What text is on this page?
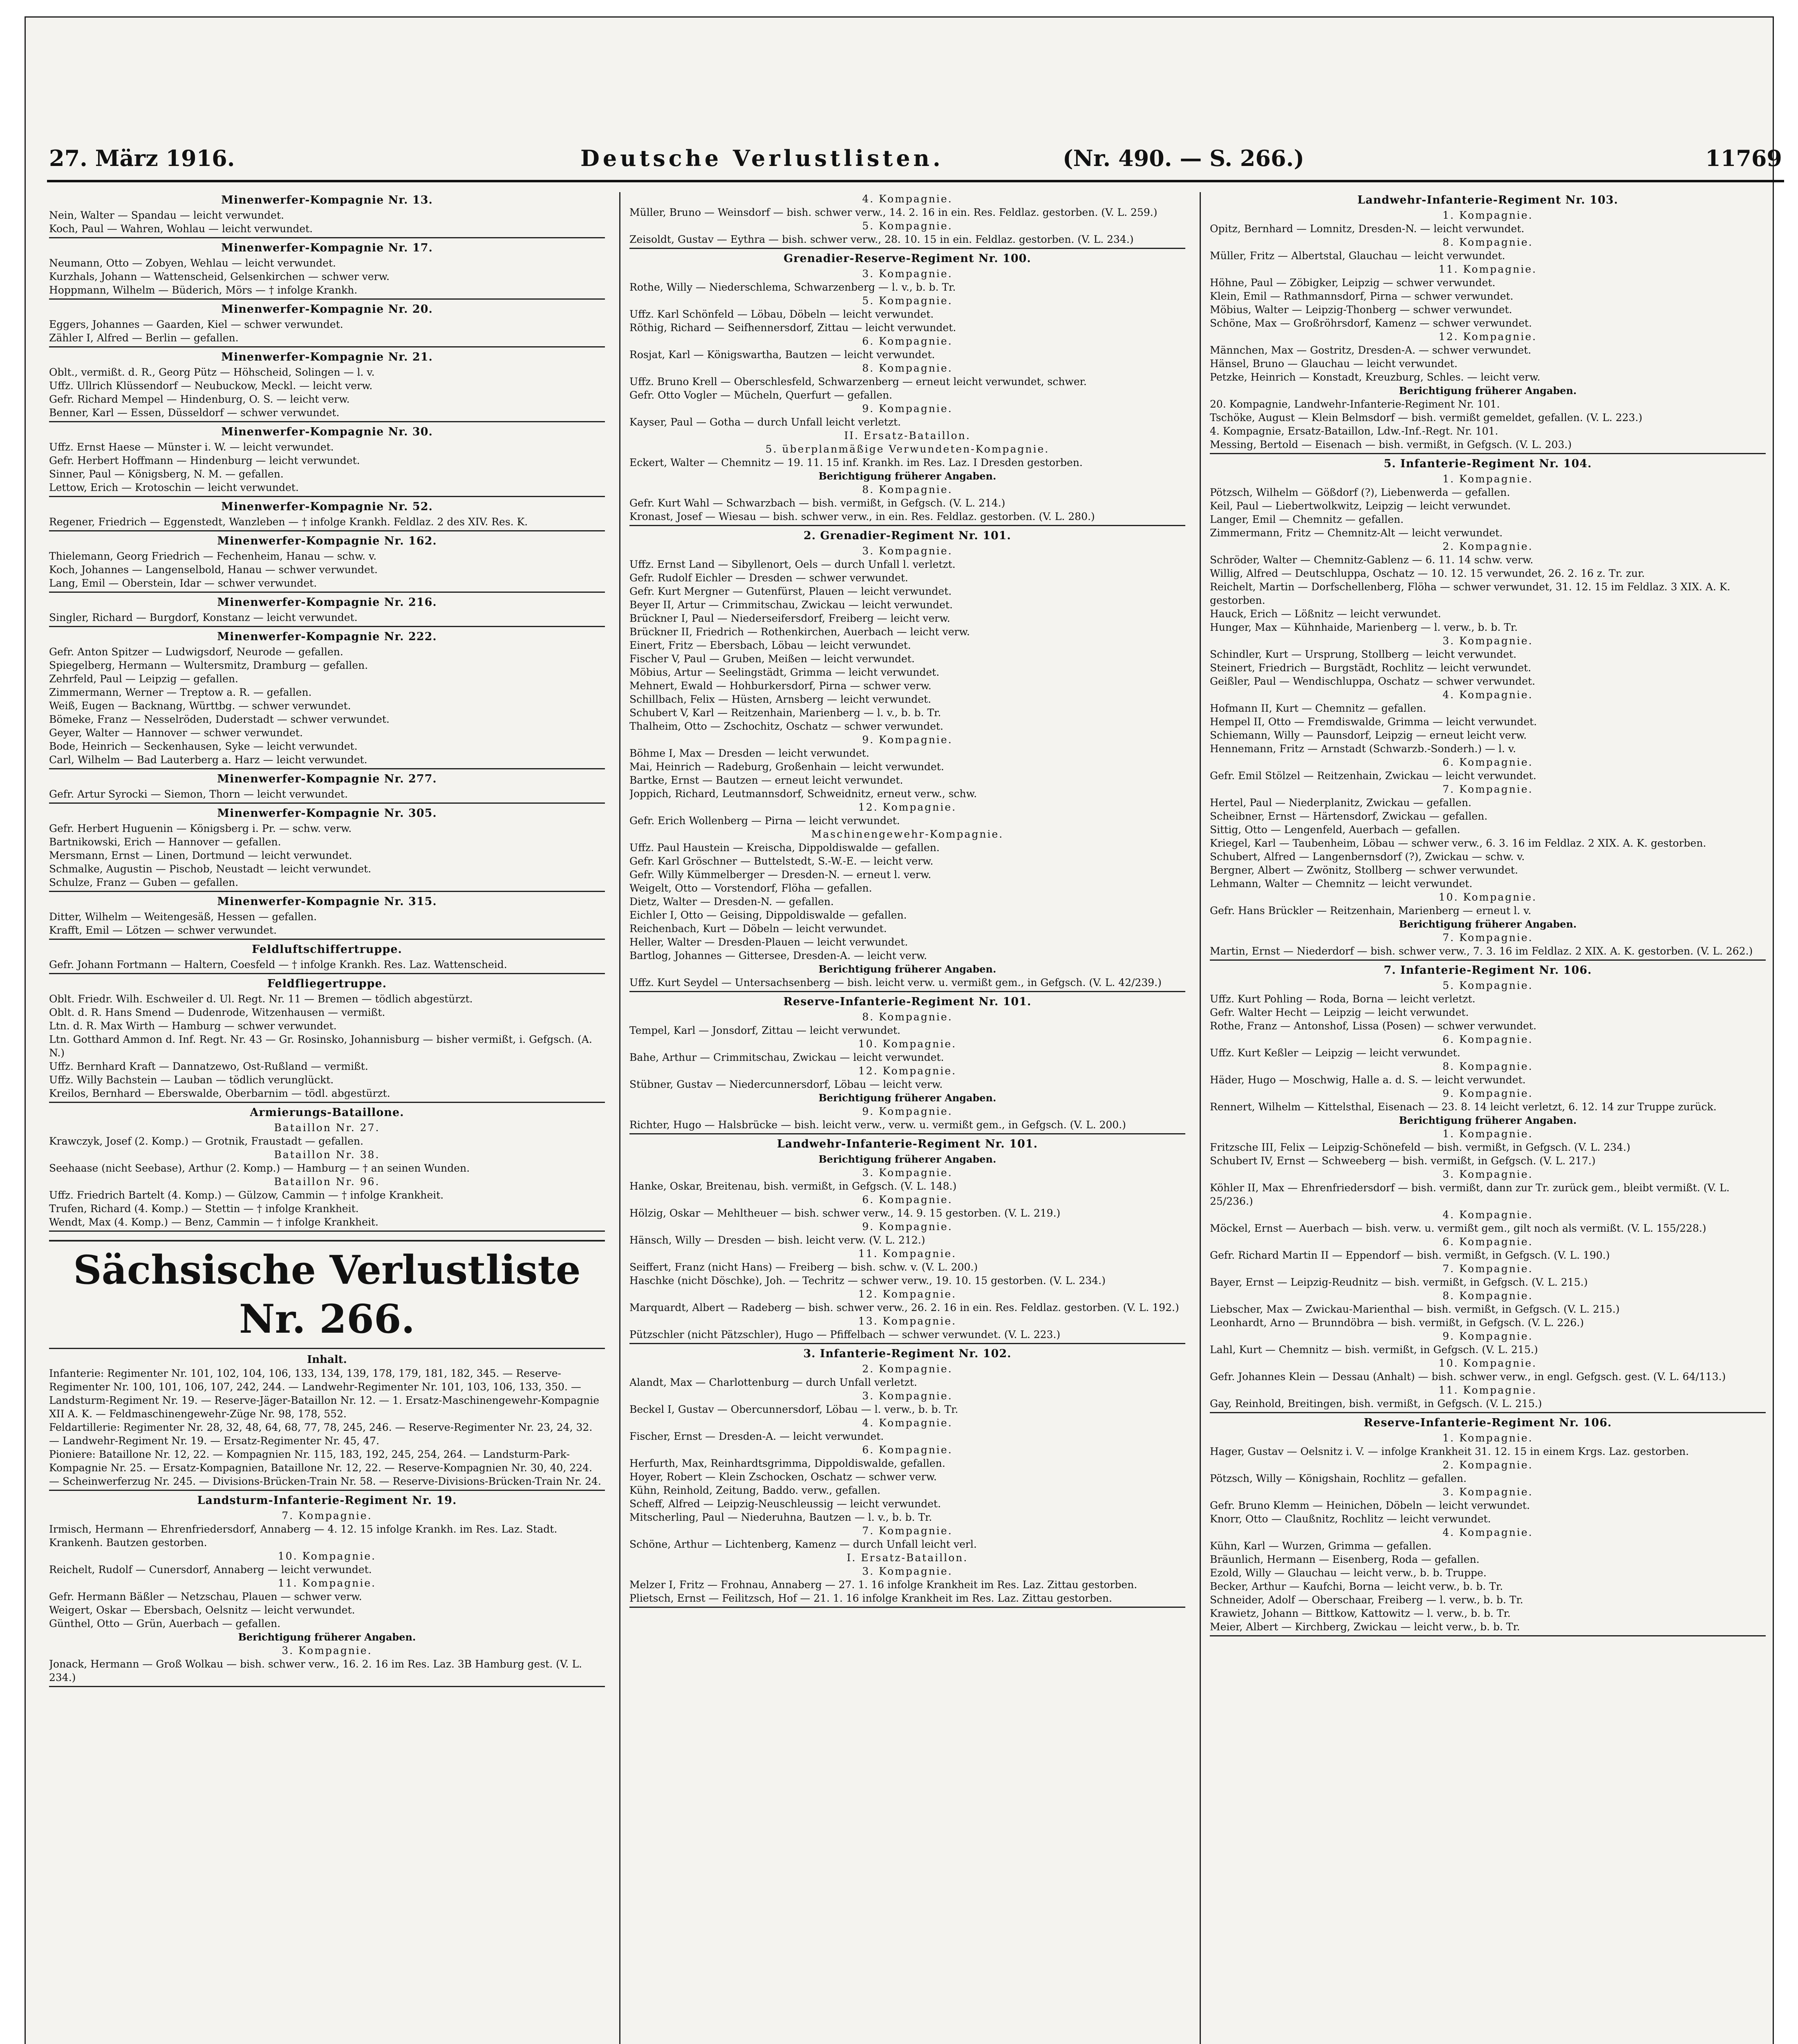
27. März 1916.	Deutsche Verlustlisten.	(Nr. 490. — S. 266.)	11769
Minenwerfer-Kompagnie Nr. 13.
Nein, Walter — Spandau — leicht verwundet.
Koch, Paul — Wahren, Wohlau — leicht verwundet.
Minenwerfer-Kompagnie Nr. 17.
Neumann, Otto — Zobyen, Wehlau — leicht verwundet.
Kurzhals, Johann — Wattenscheid, Gelsenkirchen — schwer verw.
Hoppmann, Wilhelm — Büderich, Mörs — † infolge Krankh.
Minenwerfer-Kompagnie Nr. 20.
Eggers, Johannes — Gaarden, Kiel — schwer verwundet.
Zähler I, Alfred — Berlin — gefallen.
Minenwerfer-Kompagnie Nr. 21.
Oblt., vermißt. d. R., Georg Pütz — Höhscheid, Solingen — l. v.
Uffz. Ullrich Klüssendorf — Neubuckow, Meckl. — leicht verw.
Gefr. Richard Mempel — Hindenburg, O. S. — leicht verw.
Benner, Karl — Essen, Düsseldorf — schwer verwundet.
Minenwerfer-Kompagnie Nr. 30.
Uffz. Ernst Haese — Münster i. W. — leicht verwundet.
Gefr. Herbert Hoffmann — Hindenburg — leicht verwundet.
Sinner, Paul — Königsberg, N. M. — gefallen.
Lettow, Erich — Krotoschin — leicht verwundet.
Minenwerfer-Kompagnie Nr. 52.
Regener, Friedrich — Eggenstedt, Wanzleben — † infolge Krankh. Feldlaz. 2 des XIV. Res. K.
Minenwerfer-Kompagnie Nr. 162.
Thielemann, Georg Friedrich — Fechenheim, Hanau — schw. v.
Koch, Johannes — Langenselbold, Hanau — schwer verwundet.
Lang, Emil — Oberstein, Idar — schwer verwundet.
Minenwerfer-Kompagnie Nr. 216.
Singler, Richard — Burgdorf, Konstanz — leicht verwundet.
Minenwerfer-Kompagnie Nr. 222.
Gefr. Anton Spitzer — Ludwigsdorf, Neurode — gefallen.
Spiegelberg, Hermann — Wultersmitz, Dramburg — gefallen.
Zehrfeld, Paul — Leipzig — gefallen.
Zimmermann, Werner — Treptow a. R. — gefallen.
Weiß, Eugen — Backnang, Württbg. — schwer verwundet.
Bömeke, Franz — Nesselröden, Duderstadt — schwer verwundet.
Geyer, Walter — Hannover — schwer verwundet.
Bode, Heinrich — Seckenhausen, Syke — leicht verwundet.
Carl, Wilhelm — Bad Lauterberg a. Harz — leicht verwundet.
Minenwerfer-Kompagnie Nr. 277.
Gefr. Artur Syrocki — Siemon, Thorn — leicht verwundet.
Minenwerfer-Kompagnie Nr. 305.
Gefr. Herbert Huguenin — Königsberg i. Pr. — schw. verw.
Bartnikowski, Erich — Hannover — gefallen.
Mersmann, Ernst — Linen, Dortmund — leicht verwundet.
Schmalke, Augustin — Pischob, Neustadt — leicht verwundet.
Schulze, Franz — Guben — gefallen.
Minenwerfer-Kompagnie Nr. 315.
Ditter, Wilhelm — Weitengesäß, Hessen — gefallen.
Krafft, Emil — Lötzen — schwer verwundet.
Feldluftschiffertruppe.
Gefr. Johann Fortmann — Haltern, Coesfeld — † infolge Krankh. Res. Laz. Wattenscheid.
Feldfliegertruppe.
Oblt. Friedr. Wilh. Eschweiler d. Ul. Regt. Nr. 11 — Bremen — tödlich abgestürzt.
Oblt. d. R. Hans Smend — Dudenrode, Witzenhausen — vermißt.
Ltn. d. R. Max Wirth — Hamburg — schwer verwundet.
Ltn. Gotthard Ammon d. Inf. Regt. Nr. 43 — Gr. Rosinsko, Johannisburg — bisher vermißt, i. Gefgsch. (A. N.)
Uffz. Bernhard Kraft — Dannatzewo, Ost-Rußland — vermißt.
Uffz. Willy Bachstein — Lauban — tödlich verunglückt.
Kreilos, Bernhard — Eberswalde, Oberbarnim — tödl. abgestürzt.
Armierungs-Bataillone.
Bataillon Nr. 27.
Krawczyk, Josef (2. Komp.) — Grotnik, Fraustadt — gefallen.
Bataillon Nr. 38.
Seehaase (nicht Seebase), Arthur (2. Komp.) — Hamburg — † an seinen Wunden.
Bataillon Nr. 96.
Uffz. Friedrich Bartelt (4. Komp.) — Gülzow, Cammin — † infolge Krankheit.
Trufen, Richard (4. Komp.) — Stettin — † infolge Krankheit.
Wendt, Max (4. Komp.) — Benz, Cammin — † infolge Krankheit.
Sächsische Verlustliste Nr. 266.
Inhalt.
Infanterie: Regimenter Nr. 101, 102, 104, 106, 133, 134, 139, 178, 179, 181, 182, 345. — Reserve-Regimenter Nr. 100, 101, 106, 107, 242, 244. — Landwehr-Regimenter Nr. 101, 103, 106, 133, 350. — Landsturm-Regiment Nr. 19. — Reserve-Jäger-Bataillon Nr. 12. — 1. Ersatz-Maschinengewehr-Kompagnie XII A. K. — Feldmaschinengewehr-Züge Nr. 98, 178, 552.
Feldartillerie: Regimenter Nr. 28, 32, 48, 64, 68, 77, 78, 245, 246. — Reserve-Regimenter Nr. 23, 24, 32. — Landwehr-Regiment Nr. 19. — Ersatz-Regimenter Nr. 45, 47.
Pioniere: Bataillone Nr. 12, 22. — Kompagnien Nr. 115, 183, 192, 245, 254, 264. — Landsturm-Park-Kompagnie Nr. 25. — Ersatz-Kompagnien, Bataillone Nr. 12, 22. — Reserve-Kompagnien Nr. 30, 40, 224. — Scheinwerferzug Nr. 245. — Divisions-Brücken-Train Nr. 58. — Reserve-Divisions-Brücken-Train Nr. 24.
Landsturm-Infanterie-Regiment Nr. 19.
7. Kompagnie.
Irmisch, Hermann — Ehrenfriedersdorf, Annaberg — 4. 12. 15 infolge Krankh. im Res. Laz. Stadt. Krankenh. Bautzen gestorben.
10. Kompagnie.
Reichelt, Rudolf — Cunersdorf, Annaberg — leicht verwundet.
11. Kompagnie.
Gefr. Hermann Bäßler — Netzschau, Plauen — schwer verw.
Weigert, Oskar — Ebersbach, Oelsnitz — leicht verwundet.
Günthel, Otto — Grün, Auerbach — gefallen.
Berichtigung früherer Angaben.
3. Kompagnie.
Jonack, Hermann — Groß Wolkau — bish. schwer verw., 16. 2. 16 im Res. Laz. 3B Hamburg gest. (V. L. 234.)
4. Kompagnie.
Müller, Bruno — Weinsdorf — bish. schwer verw., 14. 2. 16 in ein. Res. Feldlaz. gestorben. (V. L. 259.)
5. Kompagnie.
Zeisoldt, Gustav — Eythra — bish. schwer verw., 28. 10. 15 in ein. Feldlaz. gestorben. (V. L. 234.)
Grenadier-Reserve-Regiment Nr. 100.
3. Kompagnie.
Rothe, Willy — Niederschlema, Schwarzenberg — l. v., b. b. Tr.
5. Kompagnie.
Uffz. Karl Schönfeld — Löbau, Döbeln — leicht verwundet.
Röthig, Richard — Seifhennersdorf, Zittau — leicht verwundet.
6. Kompagnie.
Rosjat, Karl — Königswartha, Bautzen — leicht verwundet.
8. Kompagnie.
Uffz. Bruno Krell — Oberschlesfeld, Schwarzenberg — erneut leicht verwundet, schwer.
Gefr. Otto Vogler — Mücheln, Querfurt — gefallen.
9. Kompagnie.
Kayser, Paul — Gotha — durch Unfall leicht verletzt.
II. Ersatz-Bataillon.
5. überplanmäßige Verwundeten-Kompagnie.
Eckert, Walter — Chemnitz — 19. 11. 15 inf. Krankh. im Res. Laz. I Dresden gestorben.
Berichtigung früherer Angaben.
8. Kompagnie.
Gefr. Kurt Wahl — Schwarzbach — bish. vermißt, in Gefgsch. (V. L. 214.)
Kronast, Josef — Wiesau — bish. schwer verw., in ein. Res. Feldlaz. gestorben. (V. L. 280.)
2. Grenadier-Regiment Nr. 101.
3. Kompagnie.
Uffz. Ernst Land — Sibyllenort, Oels — durch Unfall l. verletzt.
Gefr. Rudolf Eichler — Dresden — schwer verwundet.
Gefr. Kurt Mergner — Gutenfürst, Plauen — leicht verwundet.
Beyer II, Artur — Crimmitschau, Zwickau — leicht verwundet.
Brückner I, Paul — Niederseifersdorf, Freiberg — leicht verw.
Brückner II, Friedrich — Rothenkirchen, Auerbach — leicht verw.
Einert, Fritz — Ebersbach, Löbau — leicht verwundet.
Fischer V, Paul — Gruben, Meißen — leicht verwundet.
Möbius, Artur — Seelingstädt, Grimma — leicht verwundet.
Mehnert, Ewald — Hohburkersdorf, Pirna — schwer verw.
Schillbach, Felix — Hüsten, Arnsberg — leicht verwundet.
Schubert V, Karl — Reitzenhain, Marienberg — l. v., b. b. Tr.
Thalheim, Otto — Zschochitz, Oschatz — schwer verwundet.
9. Kompagnie.
Böhme I, Max — Dresden — leicht verwundet.
Mai, Heinrich — Radeburg, Großenhain — leicht verwundet.
Bartke, Ernst — Bautzen — erneut leicht verwundet.
Joppich, Richard, Leutmannsdorf, Schweidnitz, erneut verw., schw.
12. Kompagnie.
Gefr. Erich Wollenberg — Pirna — leicht verwundet.
Maschinengewehr-Kompagnie.
Uffz. Paul Haustein — Kreischa, Dippoldiswalde — gefallen.
Gefr. Karl Gröschner — Buttelstedt, S.-W.-E. — leicht verw.
Gefr. Willy Kümmelberger — Dresden-N. — erneut l. verw.
Weigelt, Otto — Vorstendorf, Flöha — gefallen.
Dietz, Walter — Dresden-N. — gefallen.
Eichler I, Otto — Geising, Dippoldiswalde — gefallen.
Reichenbach, Kurt — Döbeln — leicht verwundet.
Heller, Walter — Dresden-Plauen — leicht verwundet.
Bartlog, Johannes — Gittersee, Dresden-A. — leicht verw.
Berichtigung früherer Angaben.
Uffz. Kurt Seydel — Untersachsenberg — bish. leicht verw. u. vermißt gem., in Gefgsch. (V. L. 42/239.)
Reserve-Infanterie-Regiment Nr. 101.
8. Kompagnie.
Tempel, Karl — Jonsdorf, Zittau — leicht verwundet.
10. Kompagnie.
Bahe, Arthur — Crimmitschau, Zwickau — leicht verwundet.
12. Kompagnie.
Stübner, Gustav — Niedercunnersdorf, Löbau — leicht verw.
Berichtigung früherer Angaben.
9. Kompagnie.
Richter, Hugo — Halsbrücke — bish. leicht verw., verw. u. vermißt gem., in Gefgsch. (V. L. 200.)
Landwehr-Infanterie-Regiment Nr. 101.
Berichtigung früherer Angaben.
3. Kompagnie.
Hanke, Oskar, Breitenau, bish. vermißt, in Gefgsch. (V. L. 148.)
6. Kompagnie.
Hölzig, Oskar — Mehltheuer — bish. schwer verw., 14. 9. 15 gestorben. (V. L. 219.)
9. Kompagnie.
Hänsch, Willy — Dresden — bish. leicht verw. (V. L. 212.)
11. Kompagnie.
Seiffert, Franz (nicht Hans) — Freiberg — bish. schw. v. (V. L. 200.)
Haschke (nicht Döschke), Joh. — Techritz — schwer verw., 19. 10. 15 gestorben. (V. L. 234.)
12. Kompagnie.
Marquardt, Albert — Radeberg — bish. schwer verw., 26. 2. 16 in ein. Res. Feldlaz. gestorben. (V. L. 192.)
13. Kompagnie.
Pützschler (nicht Pätzschler), Hugo — Pfiffelbach — schwer verwundet. (V. L. 223.)
3. Infanterie-Regiment Nr. 102.
2. Kompagnie.
Alandt, Max — Charlottenburg — durch Unfall verletzt.
3. Kompagnie.
Beckel I, Gustav — Obercunnersdorf, Löbau — l. verw., b. b. Tr.
4. Kompagnie.
Fischer, Ernst — Dresden-A. — leicht verwundet.
6. Kompagnie.
Herfurth, Max, Reinhardtsgrimma, Dippoldiswalde, gefallen.
Hoyer, Robert — Klein Zschocken, Oschatz — schwer verw.
Kühn, Reinhold, Zeitung, Baddo. verw., gefallen.
Scheff, Alfred — Leipzig-Neuschleussig — leicht verwundet.
Mitscherling, Paul — Niederuhna, Bautzen — l. v., b. b. Tr.
7. Kompagnie.
Schöne, Arthur — Lichtenberg, Kamenz — durch Unfall leicht verl.
I. Ersatz-Bataillon.
3. Kompagnie.
Melzer I, Fritz — Frohnau, Annaberg — 27. 1. 16 infolge Krankheit im Res. Laz. Zittau gestorben.
Plietsch, Ernst — Feilitzsch, Hof — 21. 1. 16 infolge Krankheit im Res. Laz. Zittau gestorben.
Landwehr-Infanterie-Regiment Nr. 103.
1. Kompagnie.
Opitz, Bernhard — Lomnitz, Dresden-N. — leicht verwundet.
8. Kompagnie.
Müller, Fritz — Albertstal, Glauchau — leicht verwundet.
11. Kompagnie.
Höhne, Paul — Zöbigker, Leipzig — schwer verwundet.
Klein, Emil — Rathmannsdorf, Pirna — schwer verwundet.
Möbius, Walter — Leipzig-Thonberg — schwer verwundet.
Schöne, Max — Großröhrsdorf, Kamenz — schwer verwundet.
12. Kompagnie.
Männchen, Max — Gostritz, Dresden-A. — schwer verwundet.
Hänsel, Bruno — Glauchau — leicht verwundet.
Petzke, Heinrich — Konstadt, Kreuzburg, Schles. — leicht verw.
Berichtigung früherer Angaben.
20. Kompagnie, Landwehr-Infanterie-Regiment Nr. 101.
Tschöke, August — Klein Belmsdorf — bish. vermißt gemeldet, gefallen. (V. L. 223.)
4. Kompagnie, Ersatz-Bataillon, Ldw.-Inf.-Regt. Nr. 101.
Messing, Bertold — Eisenach — bish. vermißt, in Gefgsch. (V. L. 203.)
5. Infanterie-Regiment Nr. 104.
1. Kompagnie.
Pötzsch, Wilhelm — Gößdorf (?), Liebenwerda — gefallen.
Keil, Paul — Liebertwolkwitz, Leipzig — leicht verwundet.
Langer, Emil — Chemnitz — gefallen.
Zimmermann, Fritz — Chemnitz-Alt — leicht verwundet.
2. Kompagnie.
Schröder, Walter — Chemnitz-Gablenz — 6. 11. 14 schw. verw.
Willig, Alfred — Deutschluppa, Oschatz — 10. 12. 15 verwundet, 26. 2. 16 z. Tr. zur.
Reichelt, Martin — Dorfschellenberg, Flöha — schwer verwundet, 31. 12. 15 im Feldlaz. 3 XIX. A. K. gestorben.
Hauck, Erich — Lößnitz — leicht verwundet.
Hunger, Max — Kühnhaide, Marienberg — l. verw., b. b. Tr.
3. Kompagnie.
Schindler, Kurt — Ursprung, Stollberg — leicht verwundet.
Steinert, Friedrich — Burgstädt, Rochlitz — leicht verwundet.
Geißler, Paul — Wendischluppa, Oschatz — schwer verwundet.
4. Kompagnie.
Hofmann II, Kurt — Chemnitz — gefallen.
Hempel II, Otto — Fremdiswalde, Grimma — leicht verwundet.
Schiemann, Willy — Paunsdorf, Leipzig — erneut leicht verw.
Hennemann, Fritz — Arnstadt (Schwarzb.-Sonderh.) — l. v.
6. Kompagnie.
Gefr. Emil Stölzel — Reitzenhain, Zwickau — leicht verwundet.
7. Kompagnie.
Hertel, Paul — Niederplanitz, Zwickau — gefallen.
Scheibner, Ernst — Härtensdorf, Zwickau — gefallen.
Sittig, Otto — Lengenfeld, Auerbach — gefallen.
Kriegel, Karl — Taubenheim, Löbau — schwer verw., 6. 3. 16 im Feldlaz. 2 XIX. A. K. gestorben.
Schubert, Alfred — Langenbernsdorf (?), Zwickau — schw. v.
Bergner, Albert — Zwönitz, Stollberg — schwer verwundet.
Lehmann, Walter — Chemnitz — leicht verwundet.
10. Kompagnie.
Gefr. Hans Brückler — Reitzenhain, Marienberg — erneut l. v.
Berichtigung früherer Angaben.
7. Kompagnie.
Martin, Ernst — Niederdorf — bish. schwer verw., 7. 3. 16 im Feldlaz. 2 XIX. A. K. gestorben. (V. L. 262.)
7. Infanterie-Regiment Nr. 106.
5. Kompagnie.
Uffz. Kurt Pohling — Roda, Borna — leicht verletzt.
Gefr. Walter Hecht — Leipzig — leicht verwundet.
Rothe, Franz — Antonshof, Lissa (Posen) — schwer verwundet.
6. Kompagnie.
Uffz. Kurt Keßler — Leipzig — leicht verwundet.
8. Kompagnie.
Häder, Hugo — Moschwig, Halle a. d. S. — leicht verwundet.
9. Kompagnie.
Rennert, Wilhelm — Kittelsthal, Eisenach — 23. 8. 14 leicht verletzt, 6. 12. 14 zur Truppe zurück.
Berichtigung früherer Angaben.
1. Kompagnie.
Fritzsche III, Felix — Leipzig-Schönefeld — bish. vermißt, in Gefgsch. (V. L. 234.)
Schubert IV, Ernst — Schweeberg — bish. vermißt, in Gefgsch. (V. L. 217.)
3. Kompagnie.
Köhler II, Max — Ehrenfriedersdorf — bish. vermißt, dann zur Tr. zurück gem., bleibt vermißt. (V. L. 25/236.)
4. Kompagnie.
Möckel, Ernst — Auerbach — bish. verw. u. vermißt gem., gilt noch als vermißt. (V. L. 155/228.)
6. Kompagnie.
Gefr. Richard Martin II — Eppendorf — bish. vermißt, in Gefgsch. (V. L. 190.)
7. Kompagnie.
Bayer, Ernst — Leipzig-Reudnitz — bish. vermißt, in Gefgsch. (V. L. 215.)
8. Kompagnie.
Liebscher, Max — Zwickau-Marienthal — bish. vermißt, in Gefgsch. (V. L. 215.)
Leonhardt, Arno — Brunndöbra — bish. vermißt, in Gefgsch. (V. L. 226.)
9. Kompagnie.
Lahl, Kurt — Chemnitz — bish. vermißt, in Gefgsch. (V. L. 215.)
10. Kompagnie.
Gefr. Johannes Klein — Dessau (Anhalt) — bish. schwer verw., in engl. Gefgsch. gest. (V. L. 64/113.)
11. Kompagnie.
Gay, Reinhold, Breitingen, bish. vermißt, in Gefgsch. (V. L. 215.)
Reserve-Infanterie-Regiment Nr. 106.
1. Kompagnie.
Hager, Gustav — Oelsnitz i. V. — infolge Krankheit 31. 12. 15 in einem Krgs. Laz. gestorben.
2. Kompagnie.
Pötzsch, Willy — Königshain, Rochlitz — gefallen.
3. Kompagnie.
Gefr. Bruno Klemm — Heinichen, Döbeln — leicht verwundet.
Knorr, Otto — Claußnitz, Rochlitz — leicht verwundet.
4. Kompagnie.
Kühn, Karl — Wurzen, Grimma — gefallen.
Bräunlich, Hermann — Eisenberg, Roda — gefallen.
Ezold, Willy — Glauchau — leicht verw., b. b. Truppe.
Becker, Arthur — Kaufchi, Borna — leicht verw., b. b. Tr.
Schneider, Adolf — Oberschaar, Freiberg — l. verw., b. b. Tr.
Krawietz, Johann — Bittkow, Kattowitz — l. verw., b. b. Tr.
Meier, Albert — Kirchberg, Zwickau — leicht verw., b. b. Tr.
